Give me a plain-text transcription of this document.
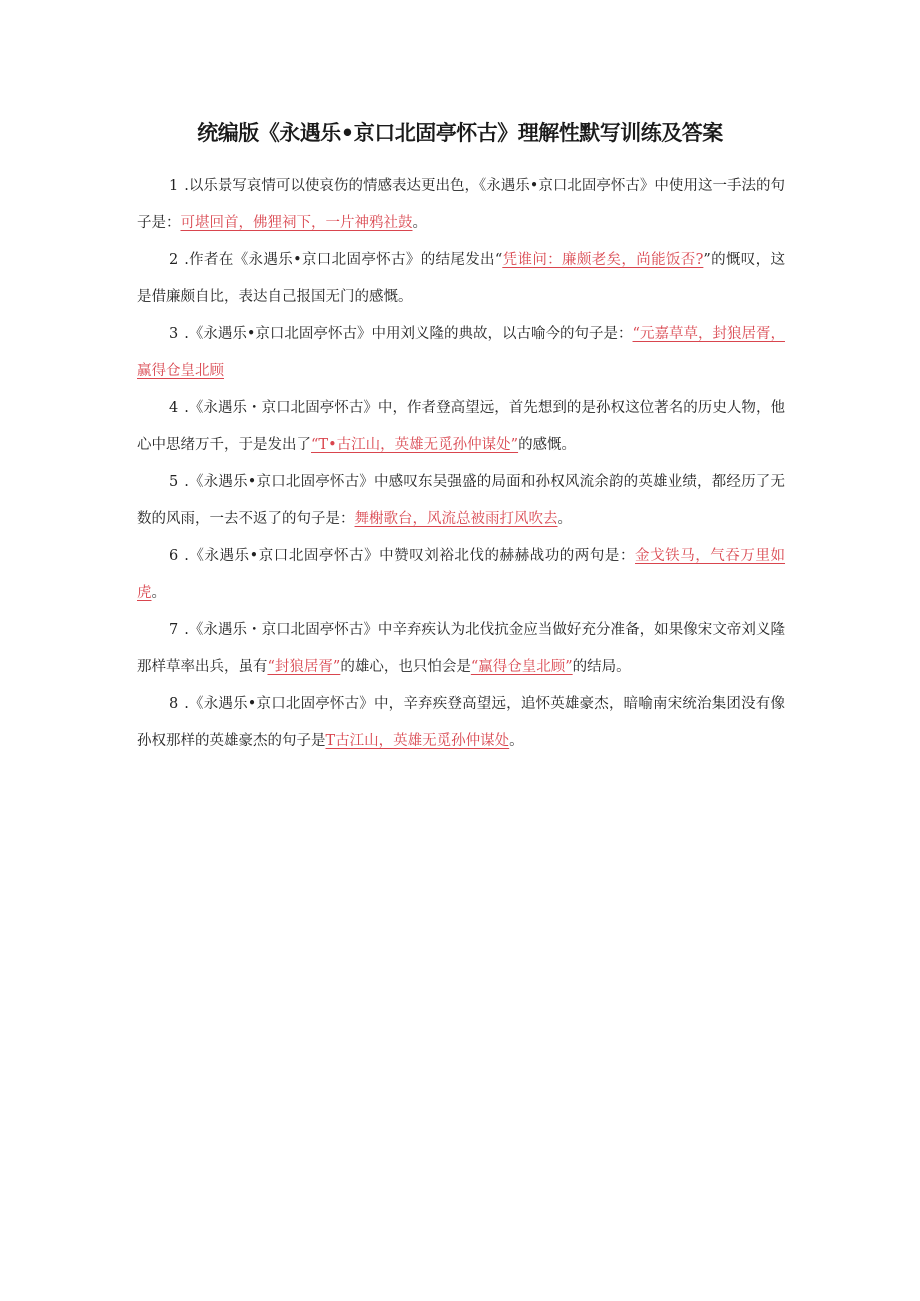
统编版《永遇乐•京口北固亭怀古》理解性默写训练及答案

1 .以乐景写哀情可以使哀伤的情感表达更出色，《永遇乐•京口北固亭怀古》中使用这一手法的句子是：可堪回首，佛狸祠下，一片神鸦社鼓。

2 .作者在《永遇乐•京口北固亭怀古》的结尾发出“凭谁问：廉颇老矣，尚能饭否?”的慨叹，这是借廉颇自比，表达自己报国无门的感慨。

3 .《永遇乐•京口北固亭怀古》中用刘义隆的典故，以古喻今的句子是：“元嘉草草，封狼居胥，赢得仓皇北顾

4 .《永遇乐・京口北固亭怀古》中，作者登高望远，首先想到的是孙权这位著名的历史人物，他心中思绪万千，于是发出了“T•古江山，英雄无觅孙仲谋处”的感慨。

5 .《永遇乐•京口北固亭怀古》中感叹东吴强盛的局面和孙权风流余韵的英雄业绩，都经历了无数的风雨，一去不返了的句子是：舞榭歌台，风流总被雨打风吹去。

6 .《永遇乐•京口北固亭怀古》中赞叹刘裕北伐的赫赫战功的两句是：金戈铁马，气吞万里如虎。

7 .《永遇乐・京口北固亭怀古》中辛弃疾认为北伐抗金应当做好充分准备，如果像宋文帝刘义隆那样草率出兵，虽有“封狼居胥”的雄心，也只怕会是“赢得仓皇北顾”的结局。

8 .《永遇乐•京口北固亭怀古》中，辛弃疾登高望远，追怀英雄豪杰，暗喻南宋统治集团没有像孙权那样的英雄豪杰的句子是T古江山，英雄无觅孙仲谋处。
